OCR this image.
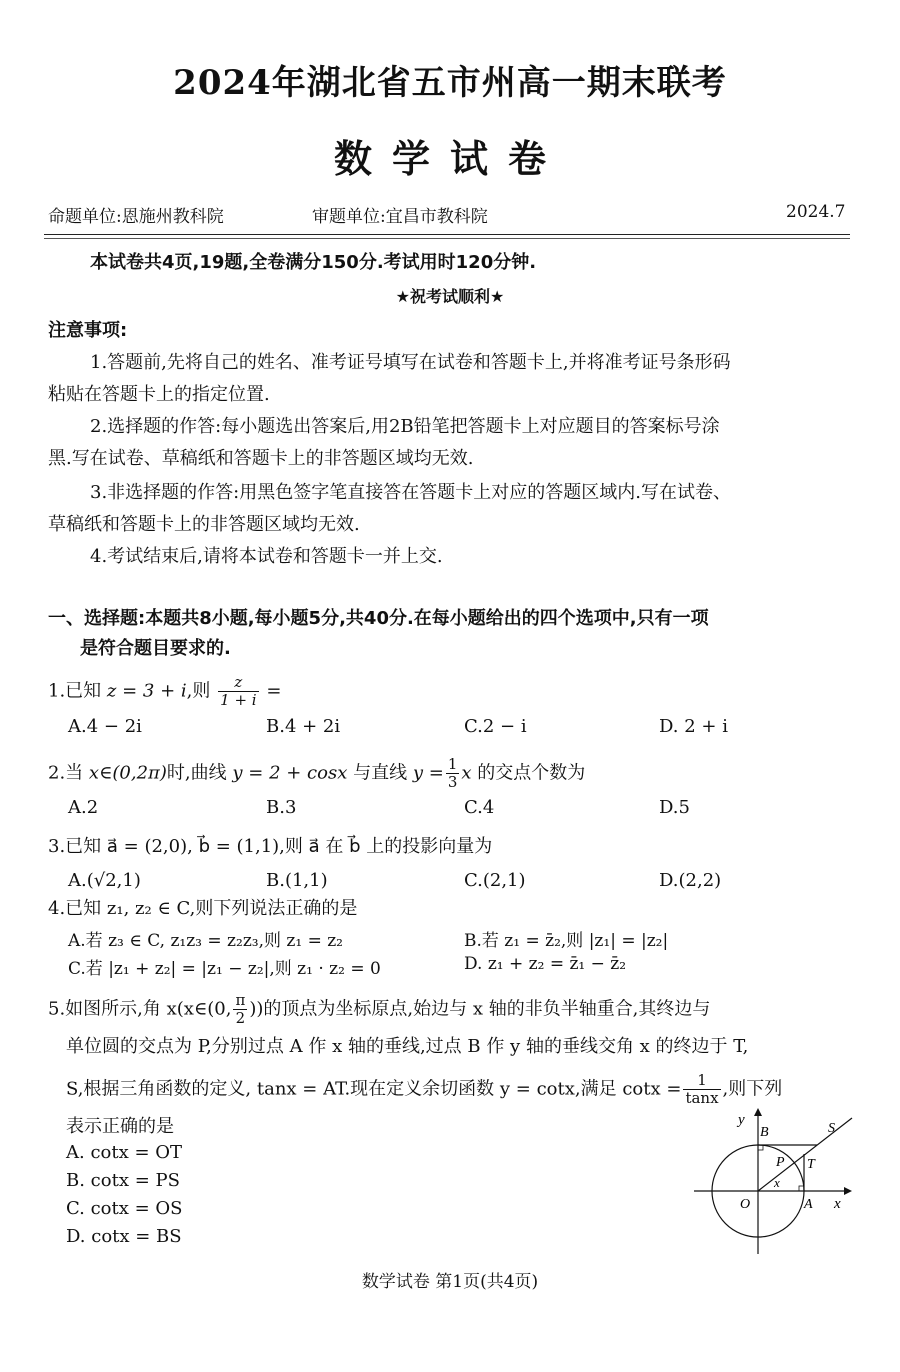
2024年湖北省五市州高一期末联考
数学试卷
命题单位:恩施州教科院	审题单位:宜昌市教科院	2024.7
本试卷共4页,19题,全卷满分150分.考试用时120分钟.
★祝考试顺利★
注意事项:
1.答题前,先将自己的姓名、准考证号填写在试卷和答题卡上,并将准考证号条形码
粘贴在答题卡上的指定位置.
2.选择题的作答:每小题选出答案后,用2B铅笔把答题卡上对应题目的答案标号涂
黑.写在试卷、草稿纸和答题卡上的非答题区域均无效.
3.非选择题的作答:用黑色签字笔直接答在答题卡上对应的答题区域内.写在试卷、
草稿纸和答题卡上的非答题区域均无效.
4.考试结束后,请将本试卷和答题卡一并上交.
一、选择题:本题共8小题,每小题5分,共40分.在每小题给出的四个选项中,只有一项
是符合题目要求的.
1.已知 z = 3 + i,则 $\frac{z}{1 + i}$ =
A.4 − 2i	B.4 + 2i	C.2 − i	D. 2 + i
2.当 x∈(0,2π)时,曲线 y = 2 + cosx 与直线 $y = \frac{1}{3}$ x 的交点个数为
A.2	B.3	C.4	D.5
3.已知 a⃗ = (2,0), b⃗ = (1,1),则 a⃗ 在 b⃗ 上的投影向量为
A.(√2,1)	B.(1,1)	C.(2,1)	D.(2,2)
4.已知 z₁, z₂ ∈ C,则下列说法正确的是
A.若 z₃ ∈ C, z₁z₃ = z₂z₃,则 z₁ = z₂	B.若 z₁ = z̄₂,则 |z₁| = |z₂|
C.若 |z₁ + z₂| = |z₁ − z₂|,则 z₁ · z₂ = 0	D. z₁ + z₂ = z̄₁ − z̄₂
5.如图所示,角 x(x∈(0, $\frac{\pi}{2}$ ))的顶点为坐标原点,始边与 x 轴的非负半轴重合,其终边与
单位圆的交点为 P,分别过点 A 作 x 轴的垂线,过点 B 作 y 轴的垂线交角 x 的终边于 T,
S,根据三角函数的定义, tanx = AT.现在定义余切函数 y = cotx,满足 $\cot x = \frac{1}{\tan x}$ ,则下列
表示正确的是
A. cotx = OT
B. cotx = PS
C. cotx = OS
D. cotx = BS
y
B	S
P T
x
O	A x
数学试卷 第1页(共4页)
